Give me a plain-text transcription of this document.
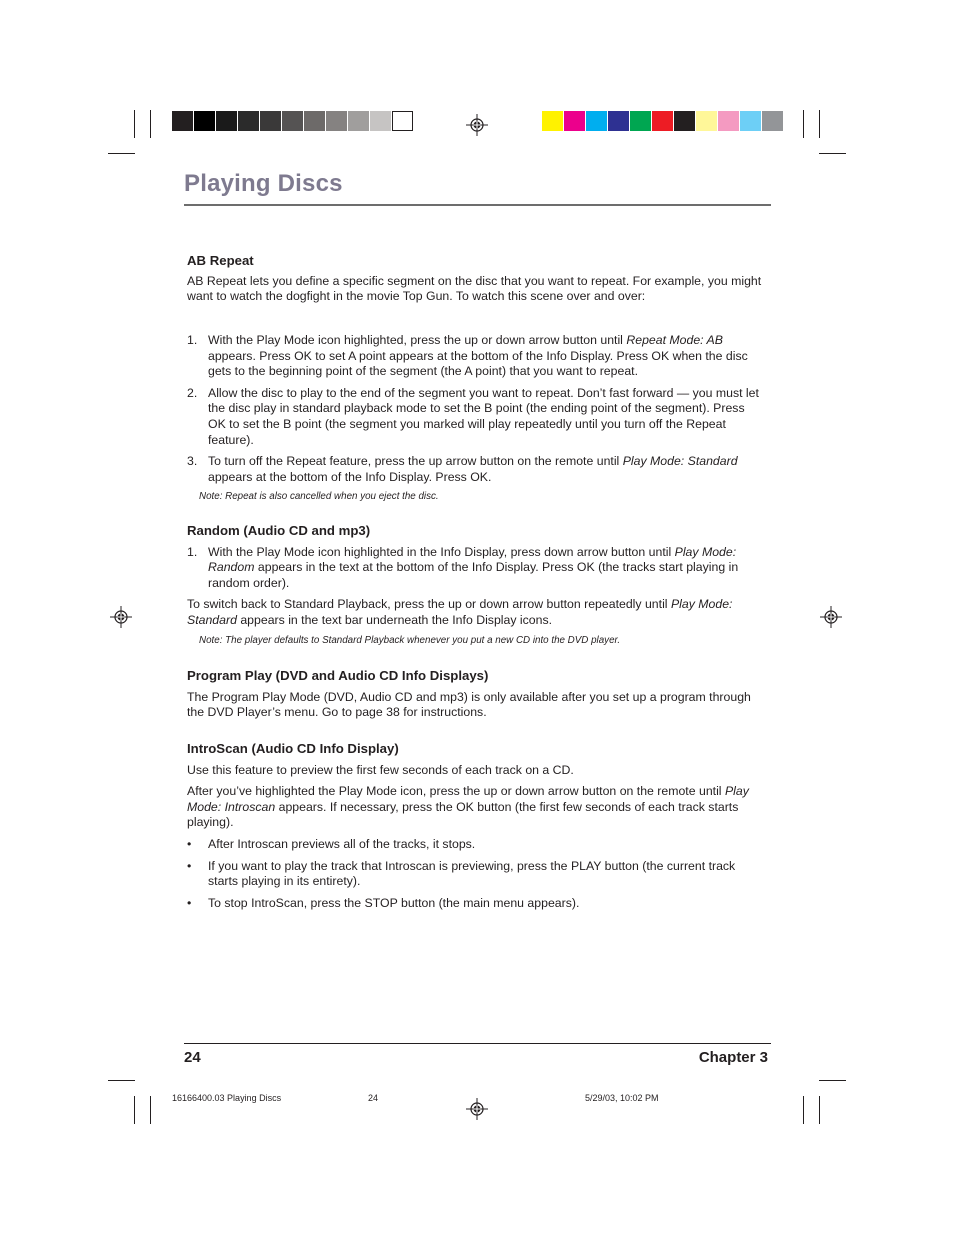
Playing Discs
AB Repeat

AB Repeat lets you define a specific segment on the disc that you want to repeat. For example, you might want to watch the dogfight in the movie Top Gun. To watch this scene over and over:

1. With the Play Mode icon highlighted, press the up or down arrow button until Repeat Mode: AB appears. Press OK to set A point appears at the bottom of the Info Display. Press OK when the disc gets to the beginning point of the segment (the A point) that you want to repeat.
2. Allow the disc to play to the end of the segment you want to repeat. Don’t fast forward — you must let the disc play in standard playback mode to set the B point (the ending point of the segment). Press OK to set the B point (the segment you marked will play repeatedly until you turn off the Repeat feature).
3. To turn off the Repeat feature, press the up arrow button on the remote until Play Mode: Standard appears at the bottom of the Info Display. Press OK.
Note: Repeat is also cancelled when you eject the disc.
Random (Audio CD and mp3)
1. With the Play Mode icon highlighted in the Info Display, press down arrow button until Play Mode: Random appears in the text at the bottom of the Info Display. Press OK (the tracks start playing in random order).

To switch back to Standard Playback, press the up or down arrow button repeatedly until Play Mode: Standard appears in the text bar underneath the Info Display icons.

Note: The player defaults to Standard Playback whenever you put a new CD into the DVD player.
Program Play (DVD and Audio CD Info Displays)

The Program Play Mode (DVD, Audio CD and mp3) is only available after you set up a program through the DVD Player’s menu. Go to page 38 for instructions.

IntroScan (Audio CD Info Display)

Use this feature to preview the first few seconds of each track on a CD.

After you’ve highlighted the Play Mode icon, press the up or down arrow button on the remote until Play Mode: Introscan appears. If necessary, press the OK button (the first few seconds of each track starts playing).

• After Introscan previews all of the tracks, it stops.
• If you want to play the track that Introscan is previewing, press the PLAY button (the current track starts playing in its entirety).
• To stop IntroScan, press the STOP button (the main menu appears).
24	Chapter 3
16166400.03 Playing Discs	24	5/29/03, 10:02 PM
